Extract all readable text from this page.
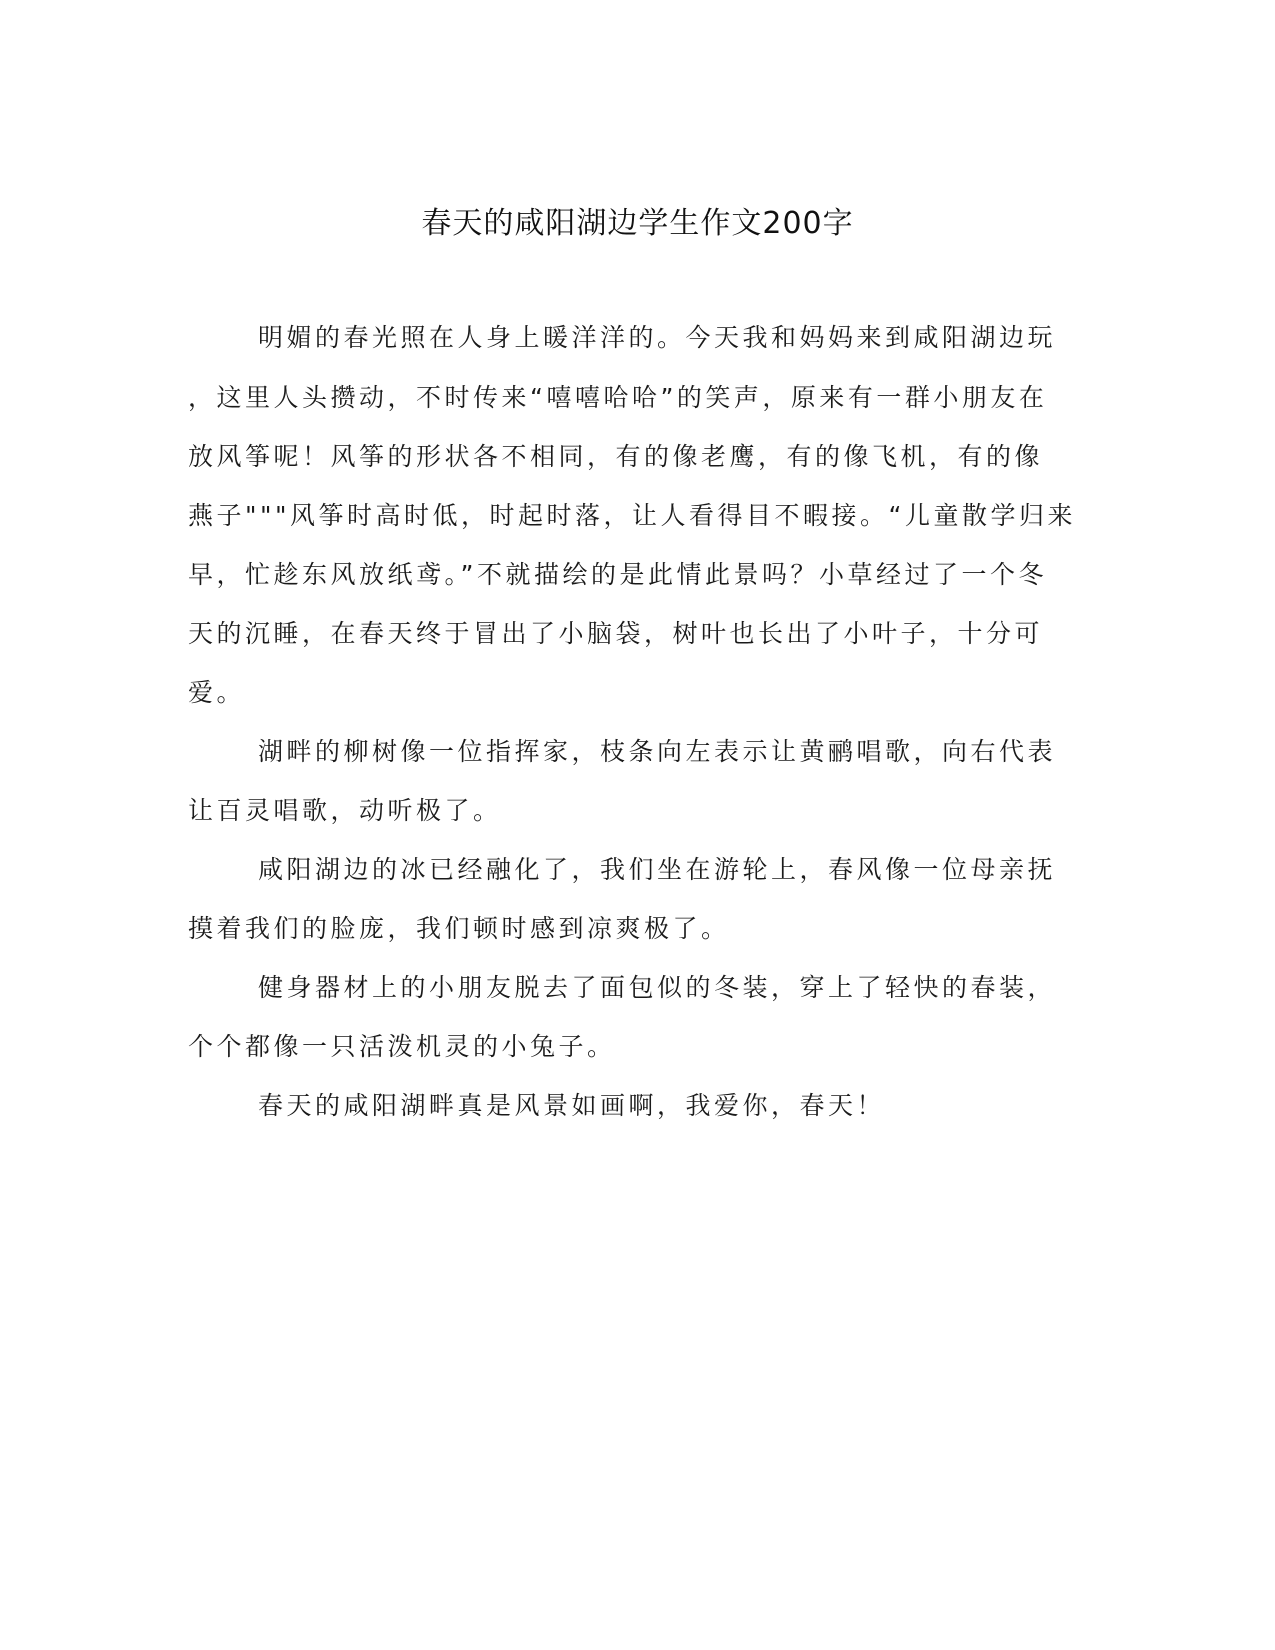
春天的咸阳湖边学生作文200字
明媚的春光照在人身上暖洋洋的。今天我和妈妈来到咸阳湖边玩
，这里人头攒动，不时传来“嘻嘻哈哈”的笑声，原来有一群小朋友在
放风筝呢！风筝的形状各不相同，有的像老鹰，有的像飞机，有的像
燕子"""风筝时高时低，时起时落，让人看得目不暇接。“儿童散学归来
早，忙趁东风放纸鸢。”不就描绘的是此情此景吗？小草经过了一个冬
天的沉睡，在春天终于冒出了小脑袋，树叶也长出了小叶子，十分可
爱。
湖畔的柳树像一位指挥家，枝条向左表示让黄鹂唱歌，向右代表
让百灵唱歌，动听极了。
咸阳湖边的冰已经融化了，我们坐在游轮上，春风像一位母亲抚
摸着我们的脸庞，我们顿时感到凉爽极了。
健身器材上的小朋友脱去了面包似的冬装，穿上了轻快的春装，
个个都像一只活泼机灵的小兔子。
春天的咸阳湖畔真是风景如画啊，我爱你，春天！
